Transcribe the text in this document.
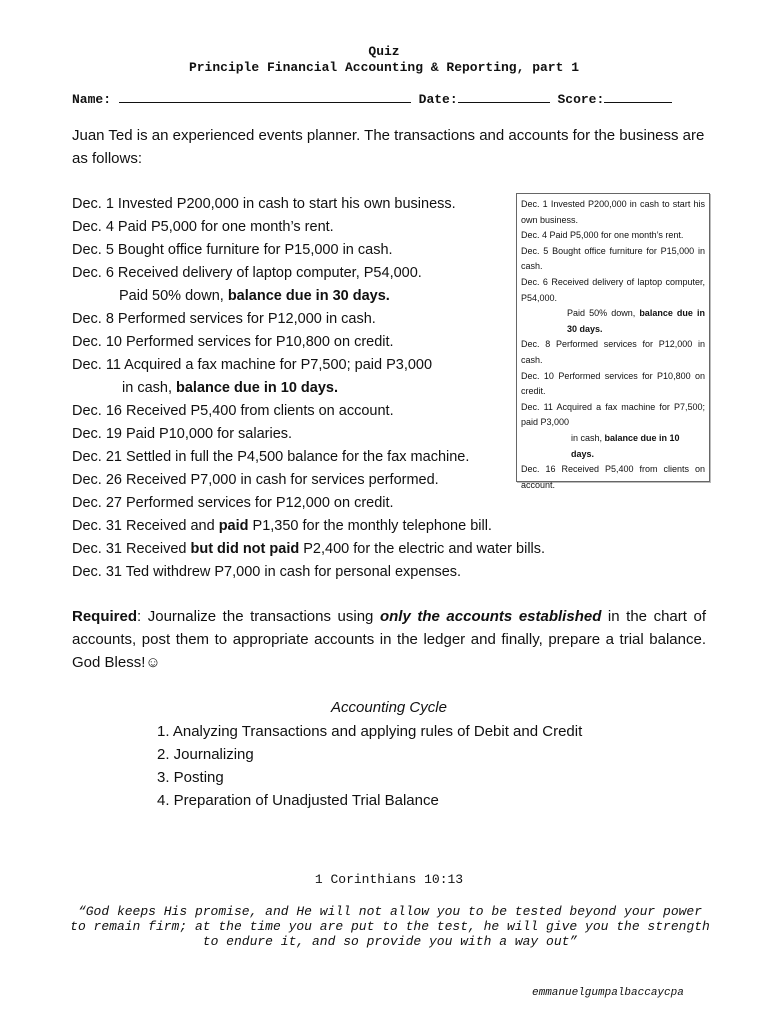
Quiz
Principle Financial Accounting & Reporting, part 1
Name:	Date:	Score:
Juan Ted is an experienced events planner. The transactions and accounts for the business are as follows:
Dec. 1 Invested P200,000 in cash to start his own business.
Dec. 4 Paid P5,000 for one month’s rent.
Dec. 5 Bought office furniture for P15,000 in cash.
Dec. 6 Received delivery of laptop computer, P54,000.
Paid 50% down, balance due in 30 days.
Dec. 8 Performed services for P12,000 in cash.
Dec. 10 Performed services for P10,800 on credit.
Dec. 11 Acquired a fax machine for P7,500; paid P3,000
in cash, balance due in 10 days.
Dec. 16 Received P5,400 from clients on account.
Dec. 19 Paid P10,000 for salaries.
Dec. 21 Settled in full the P4,500 balance for the fax machine.
Dec. 26 Received P7,000 in cash for services performed.
Dec. 27 Performed services for P12,000 on credit.
Dec. 31 Received and paid P1,350 for the monthly telephone bill.
Dec. 31 Received but did not paid P2,400 for the electric and water bills.
Dec. 31 Ted withdrew P7,000 in cash for personal expenses.
Dec. 1 Invested P200,000 in cash to start his own business.
Dec. 4 Paid P5,000 for one month’s rent.
Dec. 5 Bought office furniture for P15,000 in cash.
Dec. 6 Received delivery of laptop computer, P54,000.
Paid 50% down, balance due in 30 days.
Dec. 8 Performed services for P12,000 in cash.
Dec. 10 Performed services for P10,800 on credit.
Dec. 11 Acquired a fax machine for P7,500; paid P3,000
in cash, balance due in 10 days.
Dec. 16 Received P5,400 from clients on account.
Required: Journalize the transactions using only the accounts established in the chart of accounts, post them to appropriate accounts in the ledger and finally, prepare a trial balance. God Bless!☺
Accounting Cycle
1. Analyzing Transactions and applying rules of Debit and Credit
2. Journalizing
3. Posting
4. Preparation of Unadjusted Trial Balance
1 Corinthians 10:13
“God keeps His promise, and He will not allow you to be tested beyond your power to remain firm; at the time you are put to the test, he will give you the strength to endure it, and so provide you with a way out”
emmanuelgumpalbaccaycpa
